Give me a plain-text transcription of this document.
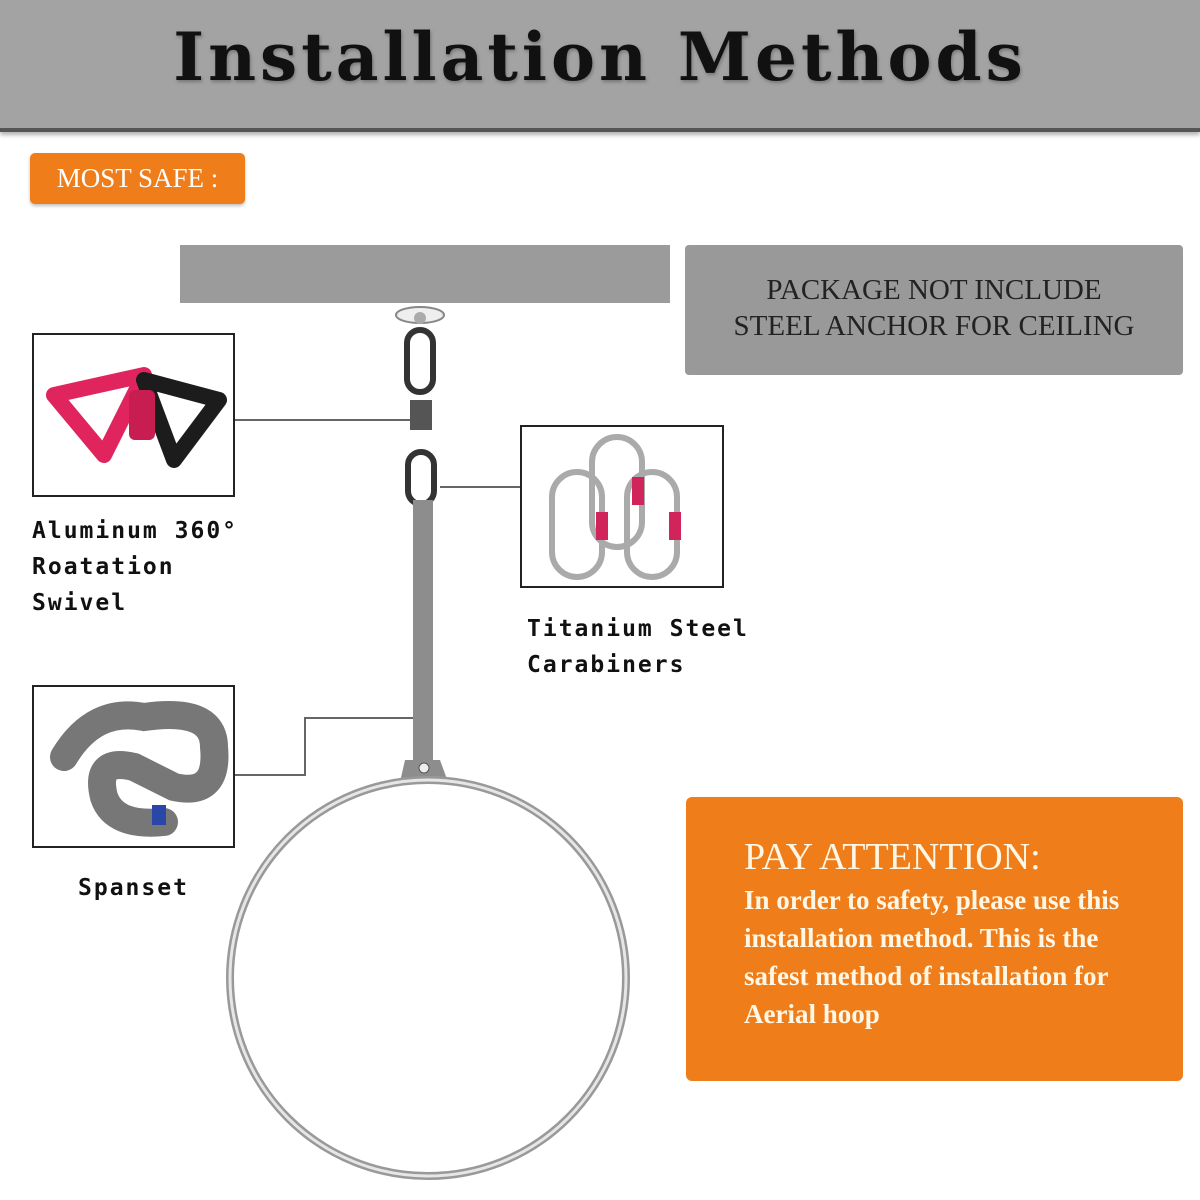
Installation Methods
MOST SAFE :
PACKAGE NOT INCLUDE
STEEL ANCHOR FOR CEILING
Aluminum 360°
Roatation
Swivel
Titanium Steel
Carabiners
Spanset
PAY ATTENTION:
In order to safety, please use this installation method. This is the safest method of installation for Aerial hoop
